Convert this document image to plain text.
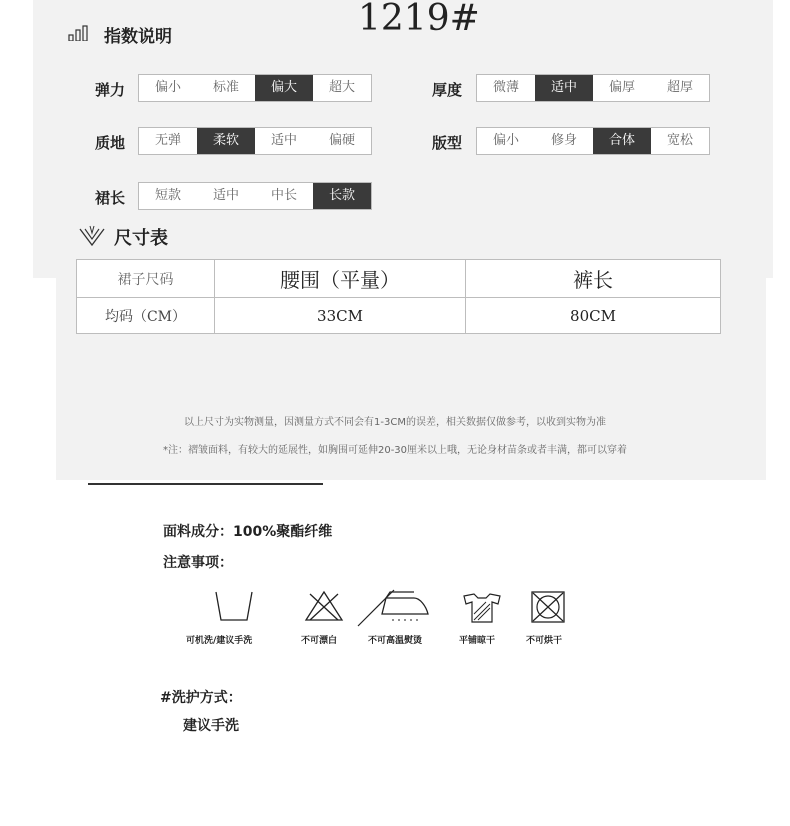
1219#
指数说明
弹力	偏小	标准	偏大	超大	厚度	微薄	适中	偏厚	超厚
质地	无弹	柔软	适中	偏硬	版型	偏小	修身	合体	宽松
裙长	短款	适中	中长	长款
尺寸表
裙子尺码	腰围（平量）	裤长
均码（CM）	33CM	80CM
以上尺寸为实物测量，因测量方式不同会有1-3CM的误差，相关数据仅做参考，以收到实物为准
*注：褶皱面料，有较大的延展性，如胸围可延伸20-30厘米以上哦，无论身材苗条或者丰满，都可以穿着
面料成分：100%聚酯纤维
注意事项：
可机洗/建议手洗	不可漂白	不可高温熨烫	平铺晾干	不可烘干
#洗护方式：
建议手洗
